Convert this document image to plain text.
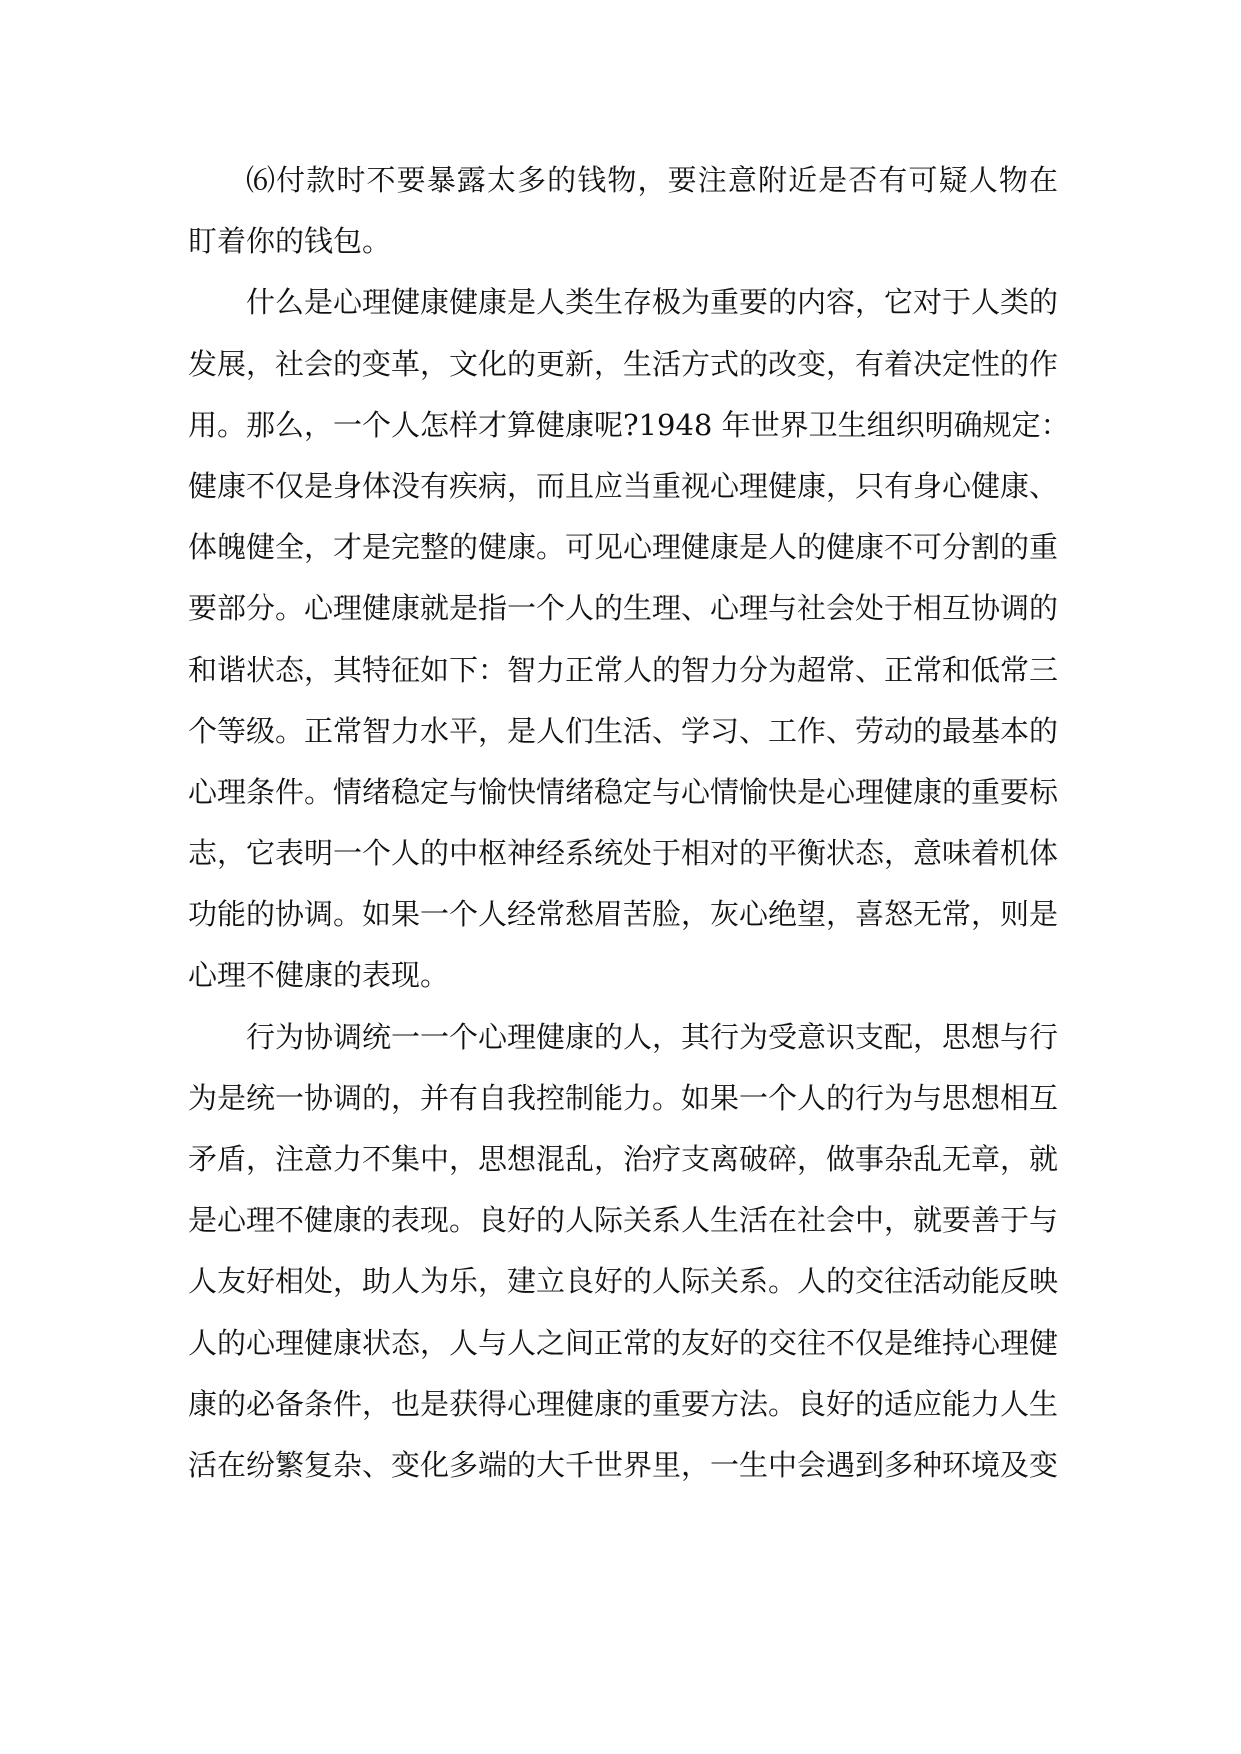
⑹付款时不要暴露太多的钱物，要注意附近是否有可疑人物在
盯着你的钱包。
什么是心理健康健康是人类生存极为重要的内容，它对于人类的
发展，社会的变革，文化的更新，生活方式的改变，有着决定性的作
用。那么，一个人怎样才算健康呢?1948 年世界卫生组织明确规定：
健康不仅是身体没有疾病，而且应当重视心理健康，只有身心健康、
体魄健全，才是完整的健康。可见心理健康是人的健康不可分割的重
要部分。心理健康就是指一个人的生理、心理与社会处于相互协调的
和谐状态，其特征如下：智力正常人的智力分为超常、正常和低常三
个等级。正常智力水平，是人们生活、学习、工作、劳动的最基本的
心理条件。情绪稳定与愉快情绪稳定与心情愉快是心理健康的重要标
志，它表明一个人的中枢神经系统处于相对的平衡状态，意味着机体
功能的协调。如果一个人经常愁眉苦脸，灰心绝望，喜怒无常，则是
心理不健康的表现。
行为协调统一一个心理健康的人，其行为受意识支配，思想与行
为是统一协调的，并有自我控制能力。如果一个人的行为与思想相互
矛盾，注意力不集中，思想混乱，治疗支离破碎，做事杂乱无章，就
是心理不健康的表现。良好的人际关系人生活在社会中，就要善于与
人友好相处，助人为乐，建立良好的人际关系。人的交往活动能反映
人的心理健康状态，人与人之间正常的友好的交往不仅是维持心理健
康的必备条件，也是获得心理健康的重要方法。良好的适应能力人生
活在纷繁复杂、变化多端的大千世界里，一生中会遇到多种环境及变
